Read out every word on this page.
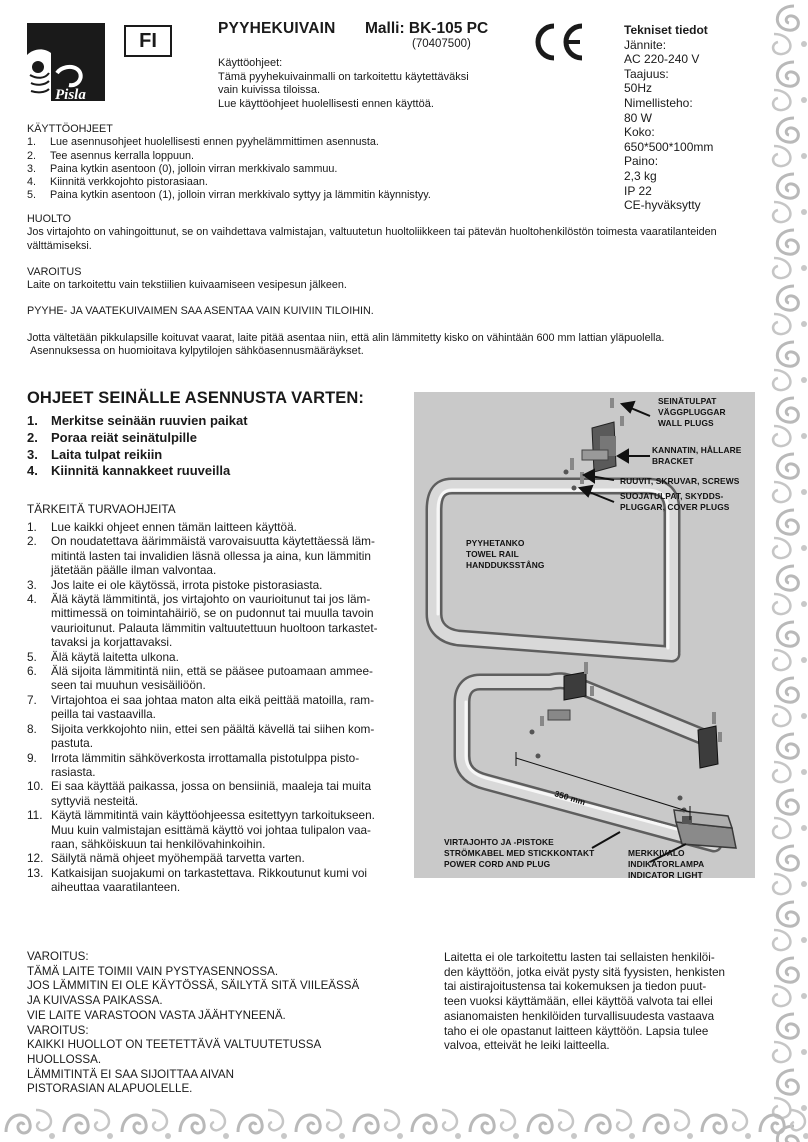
Pisla
FI
PYYHEKUIVAIN Malli: BK-105 PC
(70407500)
Käyttöohjeet:
Tämä pyyhekuivainmalli on tarkoitettu käytettäväksi
vain kuivissa tiloissa.
Lue käyttöohjeet huolellisesti ennen käyttöä.
Tekniset tiedot
Jännite:
AC 220-240 V
Taajuus:
50Hz
Nimellisteho:
80 W
Koko:
650*500*100mm
Paino:
2,3 kg
IP 22
CE-hyväksytty
KÄYTTÖOHJEET
1.	Lue asennusohjeet huolellisesti ennen pyyhelämmittimen asennusta.
2.	Tee asennus kerralla loppuun.
3.	Paina kytkin asentoon (0), jolloin virran merkkivalo sammuu.
4.	Kiinnitä verkkojohto pistorasiaan.
5.	Paina kytkin asentoon (1), jolloin virran merkkivalo syttyy ja lämmitin käynnistyy.
HUOLTO
Jos virtajohto on vahingoittunut, se on vaihdettava valmistajan, valtuutetun huoltoliikkeen tai pätevän huoltohenkilöstön toimesta vaaratilanteiden
välttämiseksi.
VAROITUS
Laite on tarkoitettu vain tekstiilien kuivaamiseen vesipesun jälkeen.
PYYHE- JA VAATEKUIVAIMEN SAA ASENTAA VAIN KUIVIIN TILOIHIN.
Jotta vältetään pikkulapsille koituvat vaarat, laite pitää asentaa niin, että alin lämmitetty kisko on vähintään 600 mm lattian yläpuolella.
Asennuksessa on huomioitava kylpytilojen sähköasennusmääräykset.
OHJEET SEINÄLLE ASENNUSTA VARTEN:
1.	Merkitse seinään ruuvien paikat
2.	Poraa reiät seinätulpille
3.	Laita tulpat reikiin
4.	Kiinnitä kannakkeet ruuveilla
TÄRKEITÄ TURVAOHJEITA
1.	Lue kaikki ohjeet ennen tämän laitteen käyttöä.
2.	On noudatettava äärimmäistä varovaisuutta käytettäessä läm-
mitintä lasten tai invalidien läsnä ollessa ja aina, kun lämmitin
jätetään päälle ilman valvontaa.
3.	Jos laite ei ole käytössä, irrota pistoke pistorasiasta.
4.	Älä käytä lämmitintä, jos virtajohto on vaurioitunut tai jos läm-
mittimessä on toimintahäiriö, se on pudonnut tai muulla tavoin
vaurioitunut. Palauta lämmitin valtuutettuun huoltoon tarkastet-
tavaksi ja korjattavaksi.
5.	Älä käytä laitetta ulkona.
6.	Älä sijoita lämmitintä niin, että se pääsee putoamaan ammee-
seen tai muuhun vesisäiliöön.
7.	Virtajohtoa ei saa johtaa maton alta eikä peittää matoilla, ram-
peilla tai vastaavilla.
8.	Sijoita verkkojohto niin, ettei sen päältä kävellä tai siihen kom-
pastuta.
9.	Irrota lämmitin sähköverkosta irrottamalla pistotulppa pisto-
rasiasta.
10. Ei saa käyttää paikassa, jossa on bensiiniä, maaleja tai muita
syttyviä nesteitä.
11. Käytä lämmitintä vain käyttöohjeessa esitettyyn tarkoitukseen.
Muu kuin valmistajan esittämä käyttö voi johtaa tulipalon vaa-
raan, sähköiskuun tai henkilövahinkoihin.
12. Säilytä nämä ohjeet myöhempää tarvetta varten.
13. Katkaisijan suojakumi on tarkastettava. Rikkoutunut kumi voi
aiheuttaa vaaratilanteen.
350 mm
SEINÄTULPAT VÄGGPLUGGAR WALL PLUGS
KANNATIN, HÅLLARE BRACKET
RUUVIT, SKRUVAR, SCREWS
SUOJATULPAT, SKYDDS- PLUGGAR, COVER PLUGS
PYYHETANKO TOWEL RAIL HANDDUKSSTÅNG
VIRTAJOHTO JA -PISTOKE STRÖMKABEL MED STICKKONTAKT POWER CORD AND PLUG
MERKKIVALO INDIKATORLAMPA INDICATOR LIGHT
VAROITUS:
TÄMÄ LAITE TOIMII VAIN PYSTYASENNOSSA.
JOS LÄMMITIN EI OLE KÄYTÖSSÄ, SÄILYTÄ SITÄ VIILEÄSSÄ
JA KUIVASSA PAIKASSA.
VIE LAITE VARASTOON VASTA JÄÄHTYNEENÄ.
VAROITUS:
KAIKKI HUOLLOT ON TEETETTÄVÄ VALTUUTETUSSA
HUOLLOSSA.
LÄMMITINTÄ EI SAA SIJOITTAA AIVAN
PISTORASIAN ALAPUOLELLE.
Laitetta ei ole tarkoitettu lasten tai sellaisten henkilöi-
den käyttöön, jotka eivät pysty sitä fyysisten, henkisten
tai aistirajoitustensa tai kokemuksen ja tiedon puut-
teen vuoksi käyttämään, ellei käyttöä valvota tai ellei
asianomaisten henkilöiden turvallisuudesta vastaava
taho ei ole opastanut laitteen käyttöön. Lapsia tulee
valvoa, etteivät he leiki laitteella.
